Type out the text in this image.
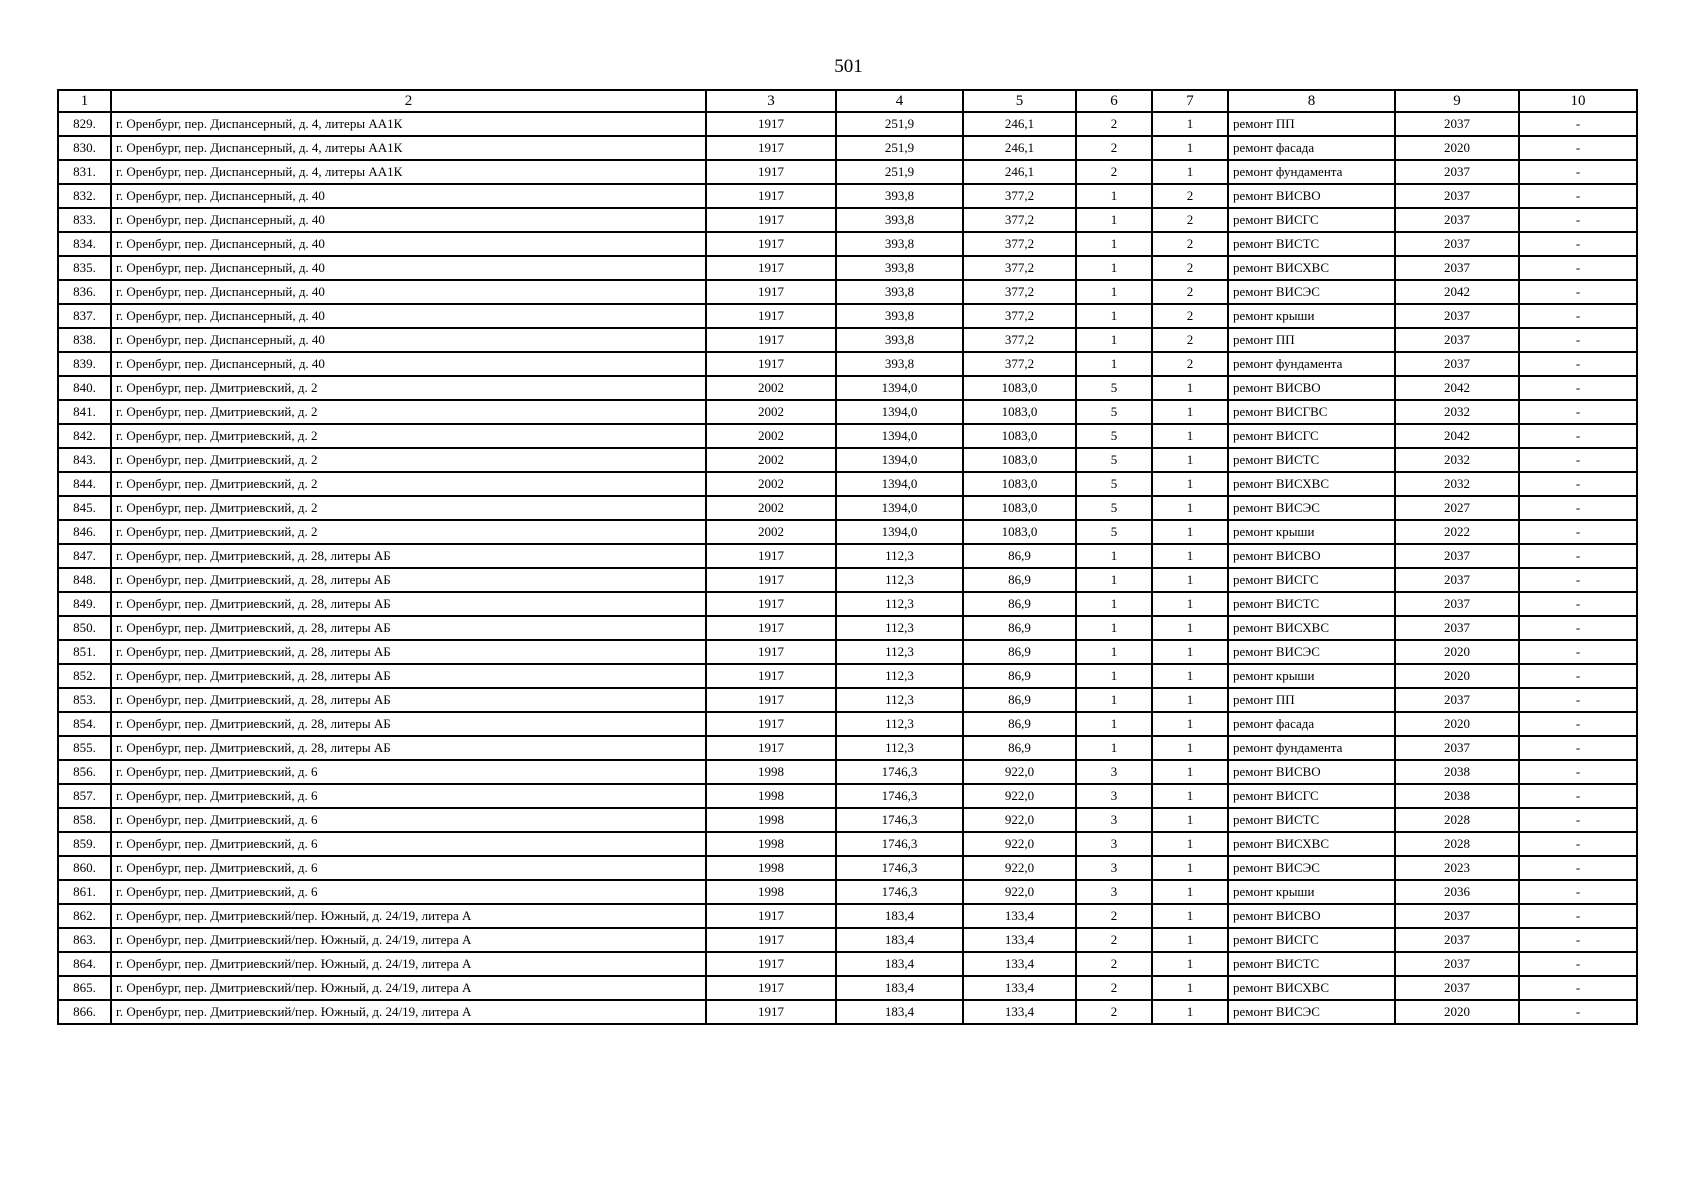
501
1	2	3	4	5	6	7	8	9	10
829.	г. Оренбург, пер. Диспансерный, д. 4, литеры АА1К	1917	251,9	246,1	2	1	ремонт ПП	2037	-
830.	г. Оренбург, пер. Диспансерный, д. 4, литеры АА1К	1917	251,9	246,1	2	1	ремонт фасада	2020	-
831.	г. Оренбург, пер. Диспансерный, д. 4, литеры АА1К	1917	251,9	246,1	2	1	ремонт фундамента	2037	-
832.	г. Оренбург, пер. Диспансерный, д. 40	1917	393,8	377,2	1	2	ремонт ВИСВО	2037	-
833.	г. Оренбург, пер. Диспансерный, д. 40	1917	393,8	377,2	1	2	ремонт ВИСГС	2037	-
834.	г. Оренбург, пер. Диспансерный, д. 40	1917	393,8	377,2	1	2	ремонт ВИСТС	2037	-
835.	г. Оренбург, пер. Диспансерный, д. 40	1917	393,8	377,2	1	2	ремонт ВИСХВС	2037	-
836.	г. Оренбург, пер. Диспансерный, д. 40	1917	393,8	377,2	1	2	ремонт ВИСЭС	2042	-
837.	г. Оренбург, пер. Диспансерный, д. 40	1917	393,8	377,2	1	2	ремонт крыши	2037	-
838.	г. Оренбург, пер. Диспансерный, д. 40	1917	393,8	377,2	1	2	ремонт ПП	2037	-
839.	г. Оренбург, пер. Диспансерный, д. 40	1917	393,8	377,2	1	2	ремонт фундамента	2037	-
840.	г. Оренбург, пер. Дмитриевский, д. 2	2002	1394,0	1083,0	5	1	ремонт ВИСВО	2042	-
841.	г. Оренбург, пер. Дмитриевский, д. 2	2002	1394,0	1083,0	5	1	ремонт ВИСГВС	2032	-
842.	г. Оренбург, пер. Дмитриевский, д. 2	2002	1394,0	1083,0	5	1	ремонт ВИСГС	2042	-
843.	г. Оренбург, пер. Дмитриевский, д. 2	2002	1394,0	1083,0	5	1	ремонт ВИСТС	2032	-
844.	г. Оренбург, пер. Дмитриевский, д. 2	2002	1394,0	1083,0	5	1	ремонт ВИСХВС	2032	-
845.	г. Оренбург, пер. Дмитриевский, д. 2	2002	1394,0	1083,0	5	1	ремонт ВИСЭС	2027	-
846.	г. Оренбург, пер. Дмитриевский, д. 2	2002	1394,0	1083,0	5	1	ремонт крыши	2022	-
847.	г. Оренбург, пер. Дмитриевский, д. 28, литеры АБ	1917	112,3	86,9	1	1	ремонт ВИСВО	2037	-
848.	г. Оренбург, пер. Дмитриевский, д. 28, литеры АБ	1917	112,3	86,9	1	1	ремонт ВИСГС	2037	-
849.	г. Оренбург, пер. Дмитриевский, д. 28, литеры АБ	1917	112,3	86,9	1	1	ремонт ВИСТС	2037	-
850.	г. Оренбург, пер. Дмитриевский, д. 28, литеры АБ	1917	112,3	86,9	1	1	ремонт ВИСХВС	2037	-
851.	г. Оренбург, пер. Дмитриевский, д. 28, литеры АБ	1917	112,3	86,9	1	1	ремонт ВИСЭС	2020	-
852.	г. Оренбург, пер. Дмитриевский, д. 28, литеры АБ	1917	112,3	86,9	1	1	ремонт крыши	2020	-
853.	г. Оренбург, пер. Дмитриевский, д. 28, литеры АБ	1917	112,3	86,9	1	1	ремонт ПП	2037	-
854.	г. Оренбург, пер. Дмитриевский, д. 28, литеры АБ	1917	112,3	86,9	1	1	ремонт фасада	2020	-
855.	г. Оренбург, пер. Дмитриевский, д. 28, литеры АБ	1917	112,3	86,9	1	1	ремонт фундамента	2037	-
856.	г. Оренбург, пер. Дмитриевский, д. 6	1998	1746,3	922,0	3	1	ремонт ВИСВО	2038	-
857.	г. Оренбург, пер. Дмитриевский, д. 6	1998	1746,3	922,0	3	1	ремонт ВИСГС	2038	-
858.	г. Оренбург, пер. Дмитриевский, д. 6	1998	1746,3	922,0	3	1	ремонт ВИСТС	2028	-
859.	г. Оренбург, пер. Дмитриевский, д. 6	1998	1746,3	922,0	3	1	ремонт ВИСХВС	2028	-
860.	г. Оренбург, пер. Дмитриевский, д. 6	1998	1746,3	922,0	3	1	ремонт ВИСЭС	2023	-
861.	г. Оренбург, пер. Дмитриевский, д. 6	1998	1746,3	922,0	3	1	ремонт крыши	2036	-
862.	г. Оренбург, пер. Дмитриевский/пер. Южный, д. 24/19, литера А	1917	183,4	133,4	2	1	ремонт ВИСВО	2037	-
863.	г. Оренбург, пер. Дмитриевский/пер. Южный, д. 24/19, литера А	1917	183,4	133,4	2	1	ремонт ВИСГС	2037	-
864.	г. Оренбург, пер. Дмитриевский/пер. Южный, д. 24/19, литера А	1917	183,4	133,4	2	1	ремонт ВИСТС	2037	-
865.	г. Оренбург, пер. Дмитриевский/пер. Южный, д. 24/19, литера А	1917	183,4	133,4	2	1	ремонт ВИСХВС	2037	-
866.	г. Оренбург, пер. Дмитриевский/пер. Южный, д. 24/19, литера А	1917	183,4	133,4	2	1	ремонт ВИСЭС	2020	-
